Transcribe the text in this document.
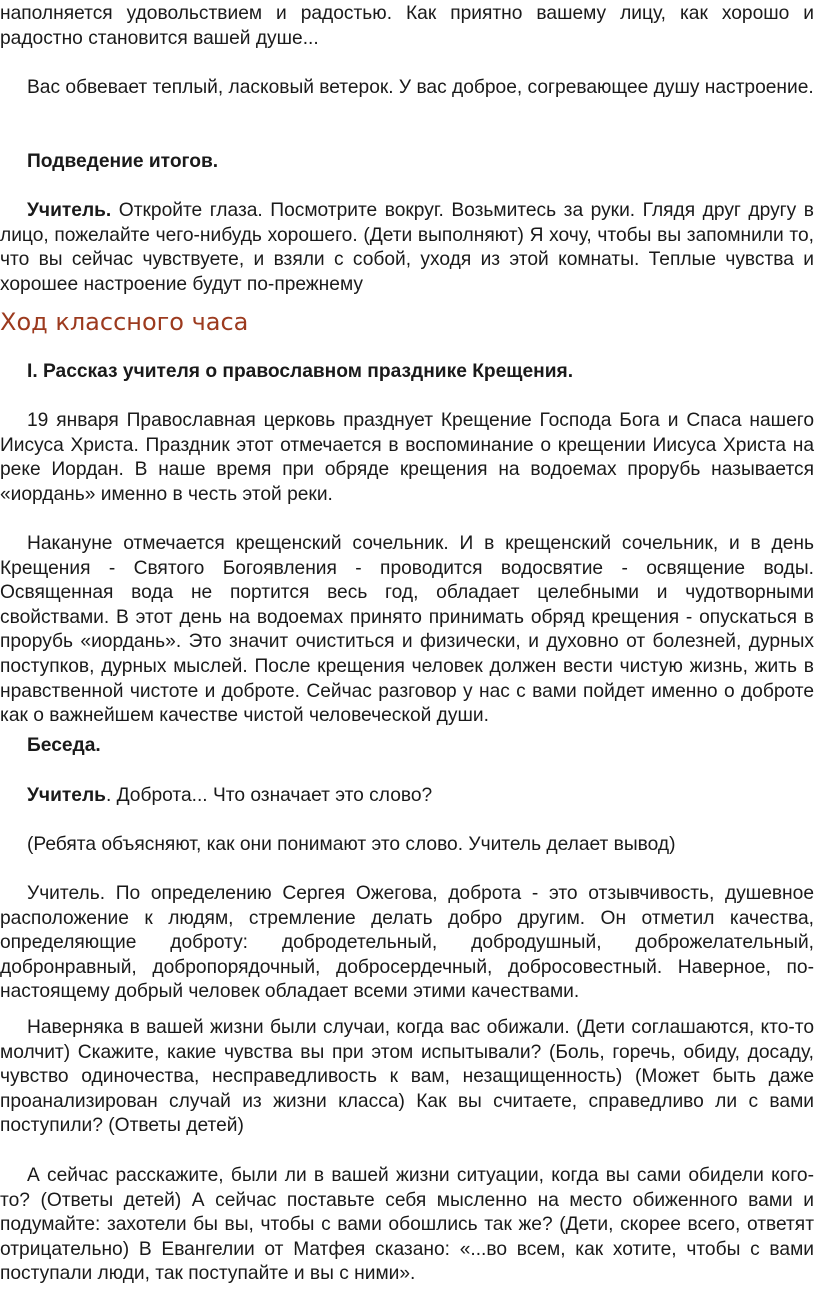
наполняется удовольствием и радостью. Как приятно вашему лицу, как хорошо и радостно становится вашей душе...

Вас обвевает теплый, ласковый ветерок. У вас доброе, согревающее душу настроение.

Подведение итогов.

Учитель. Откройте глаза. Посмотрите вокруг. Возьмитесь за руки. Глядя друг другу в лицо, пожелайте чего-нибудь хорошего. (Дети выполняют) Я хочу, чтобы вы запомнили то, что вы сейчас чувствуете, и взяли с собой, уходя из этой комнаты. Теплые чувства и хорошее настроение будут по-прежнему

Ход классного часа

I. Рассказ учителя о православном празднике Крещения.

19 января Православная церковь празднует Крещение Господа Бога и Спаса нашего Иисуса Христа. Праздник этот отмечается в воспоминание о крещении Иисуса Христа на реке Иордан. В наше время при обряде крещения на водоемах прорубь называется «иордань» именно в честь этой реки.

Накануне отмечается крещенский сочельник. И в крещенский сочельник, и в день Крещения - Святого Богоявления - проводится водосвятие - освящение воды. Освященная вода не портится весь год, обладает целебными и чудотворными свойствами. В этот день на водоемах принято принимать обряд крещения - опускаться в прорубь «иордань». Это значит очиститься и физически, и духовно от болезней, дурных поступков, дурных мыслей. После крещения человек должен вести чистую жизнь, жить в нравственной чистоте и доброте. Сейчас разговор у нас с вами пойдет именно о доброте как о важнейшем качестве чистой человеческой души.

Беседа.

Учитель. Доброта... Что означает это слово?

(Ребята объясняют, как они понимают это слово. Учитель делает вывод)

Учитель. По определению Сергея Ожегова, доброта - это отзывчивость, душевное расположение к людям, стремление делать добро другим. Он отметил качества, определяющие доброту: добродетельный, добродушный, доброжелательный, добронравный, добропорядочный, добросердечный, добросовестный. Наверное, по-настоящему добрый человек обладает всеми этими качествами.

Наверняка в вашей жизни были случаи, когда вас обижали. (Дети соглашаются, кто-то молчит) Скажите, какие чувства вы при этом испытывали? (Боль, горечь, обиду, досаду, чувство одиночества, несправедливость к вам, незащищенность) (Может быть даже проанализирован случай из жизни класса) Как вы считаете, справедливо ли с вами поступили? (Ответы детей)

А сейчас расскажите, были ли в вашей жизни ситуации, когда вы сами обидели кого-то? (Ответы детей) А сейчас поставьте себя мысленно на место обиженного вами и подумайте: захотели бы вы, чтобы с вами обошлись так же? (Дети, скорее всего, ответят отрицательно) В Евангелии от Матфея сказано: «...во всем, как хотите, чтобы с вами поступали люди, так поступайте и вы с ними».
